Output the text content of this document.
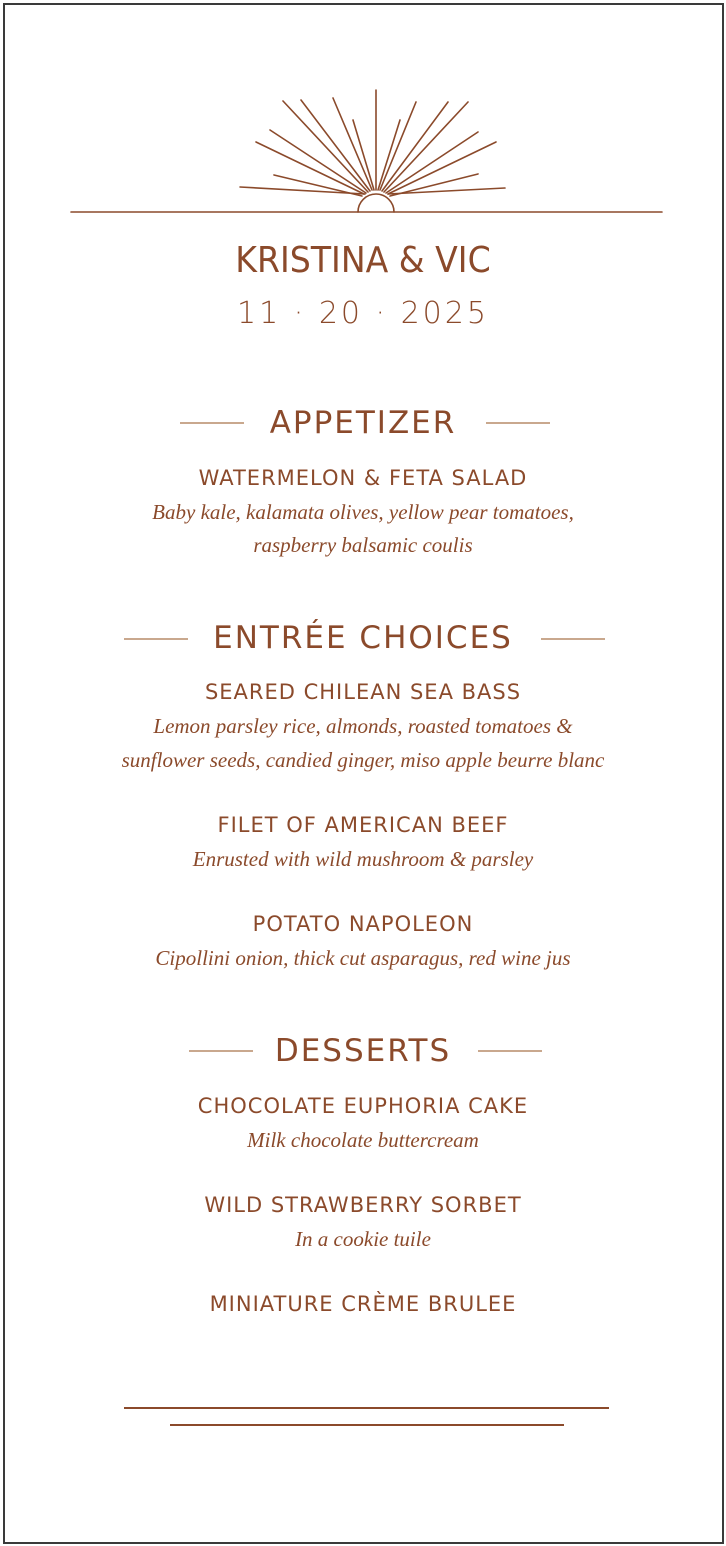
KRISTINA & VIC
11 · 20 · 2025
APPETIZER
WATERMELON & FETA SALAD
Baby kale, kalamata olives, yellow pear tomatoes,
raspberry balsamic coulis
ENTRÉE CHOICES
SEARED CHILEAN SEA BASS
Lemon parsley rice, almonds, roasted tomatoes &
sunflower seeds, candied ginger, miso apple beurre blanc
FILET OF AMERICAN BEEF
Enrusted with wild mushroom & parsley
POTATO NAPOLEON
Cipollini onion, thick cut asparagus, red wine jus
DESSERTS
CHOCOLATE EUPHORIA CAKE
Milk chocolate buttercream
WILD STRAWBERRY SORBET
In a cookie tuile
MINIATURE CRÈME BRULEE
